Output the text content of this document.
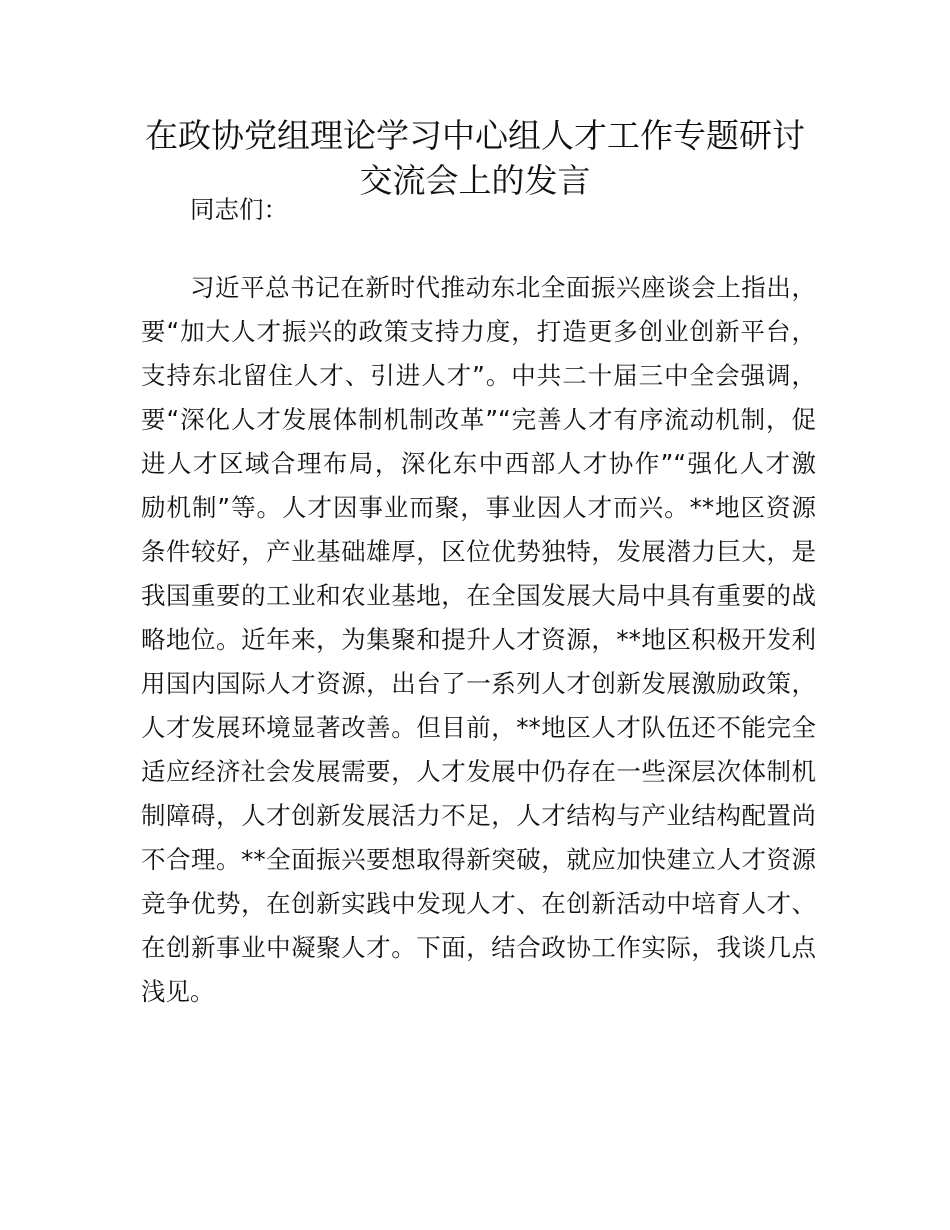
在政协党组理论学习中心组人才工作专题研讨
交流会上的发言
同志们：
习近平总书记在新时代推动东北全面振兴座谈会上指出，
要“加大人才振兴的政策支持力度，打造更多创业创新平台，
支持东北留住人才、引进人才”。中共二十届三中全会强调，
要“深化人才发展体制机制改革”“完善人才有序流动机制，促
进人才区域合理布局，深化东中西部人才协作”“强化人才激
励机制”等。人才因事业而聚，事业因人才而兴。**地区资源
条件较好，产业基础雄厚，区位优势独特，发展潜力巨大，是
我国重要的工业和农业基地，在全国发展大局中具有重要的战
略地位。近年来，为集聚和提升人才资源，**地区积极开发利
用国内国际人才资源，出台了一系列人才创新发展激励政策，
人才发展环境显著改善。但目前，**地区人才队伍还不能完全
适应经济社会发展需要，人才发展中仍存在一些深层次体制机
制障碍，人才创新发展活力不足，人才结构与产业结构配置尚
不合理。**全面振兴要想取得新突破，就应加快建立人才资源
竞争优势，在创新实践中发现人才、在创新活动中培育人才、
在创新事业中凝聚人才。下面，结合政协工作实际，我谈几点
浅见。
